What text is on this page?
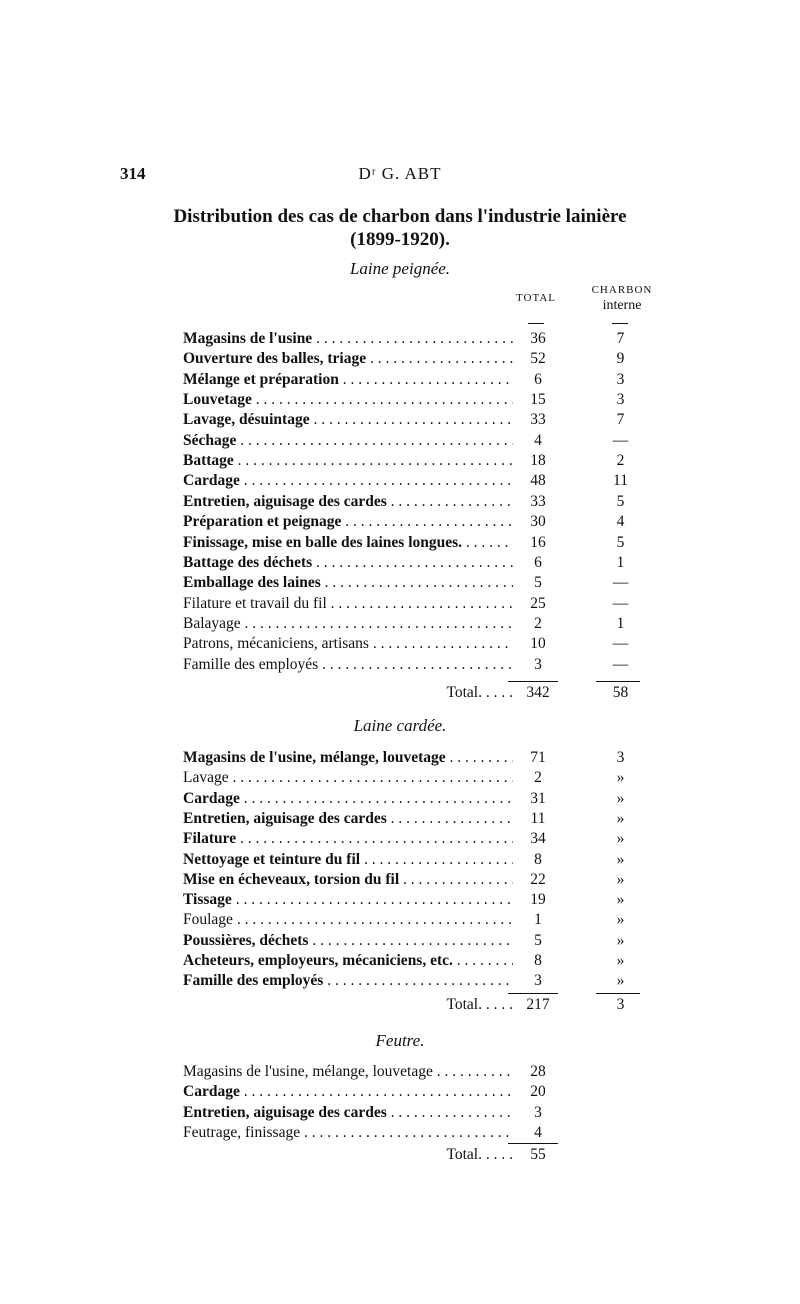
314	Dʳ G. ABT
Distribution des cas de charbon dans l'industrie lainière
(1899-1920).
Laine peignée.
TOTAL
CHARBON
interne
Magasins de l'usine . . .	36	7
Ouverture des balles, triage . . .	52	9
Mélange et préparation . . .	6	3
Louvetage . . .	15	3
Lavage, désuintage . . .	33	7
Séchage . . .	4	—
Battage . . .	18	2
Cardage . . .	48	11
Entretien, aiguisage des cardes . . .	33	5
Préparation et peignage . . .	30	4
Finissage, mise en balle des laines longues. . . .	16	5
Battage des déchets . . .	6	1
Emballage des laines . . .	5	—
Filature et travail du fil . . .	25	—
Balayage . . .	2	1
Patrons, mécaniciens, artisans . . .	10	—
Famille des employés . . .	3	—
Total. . . . . 342	58
Laine cardée.
Magasins de l'usine, mélange, louvetage . . .	71	3
Lavage . . .	2	»
Cardage . . .	31	»
Entretien, aiguisage des cardes . . .	11	»
Filature . . .	34	»
Nettoyage et teinture du fil . . .	8	»
Mise en écheveaux, torsion du fil . . .	22	»
Tissage . . .	19	»
Foulage . . .	1	»
Poussières, déchets . . .	5	»
Acheteurs, employeurs, mécaniciens, etc. . . .	8	»
Famille des employés . . .	3	»
Total. . . . . 217	3
Feutre.
Magasins de l'usine, mélange, louvetage . . .	28
Cardage . . .	20
Entretien, aiguisage des cardes . . .	3
Feutrage, finissage . . .	4
Total. . . . .	55
